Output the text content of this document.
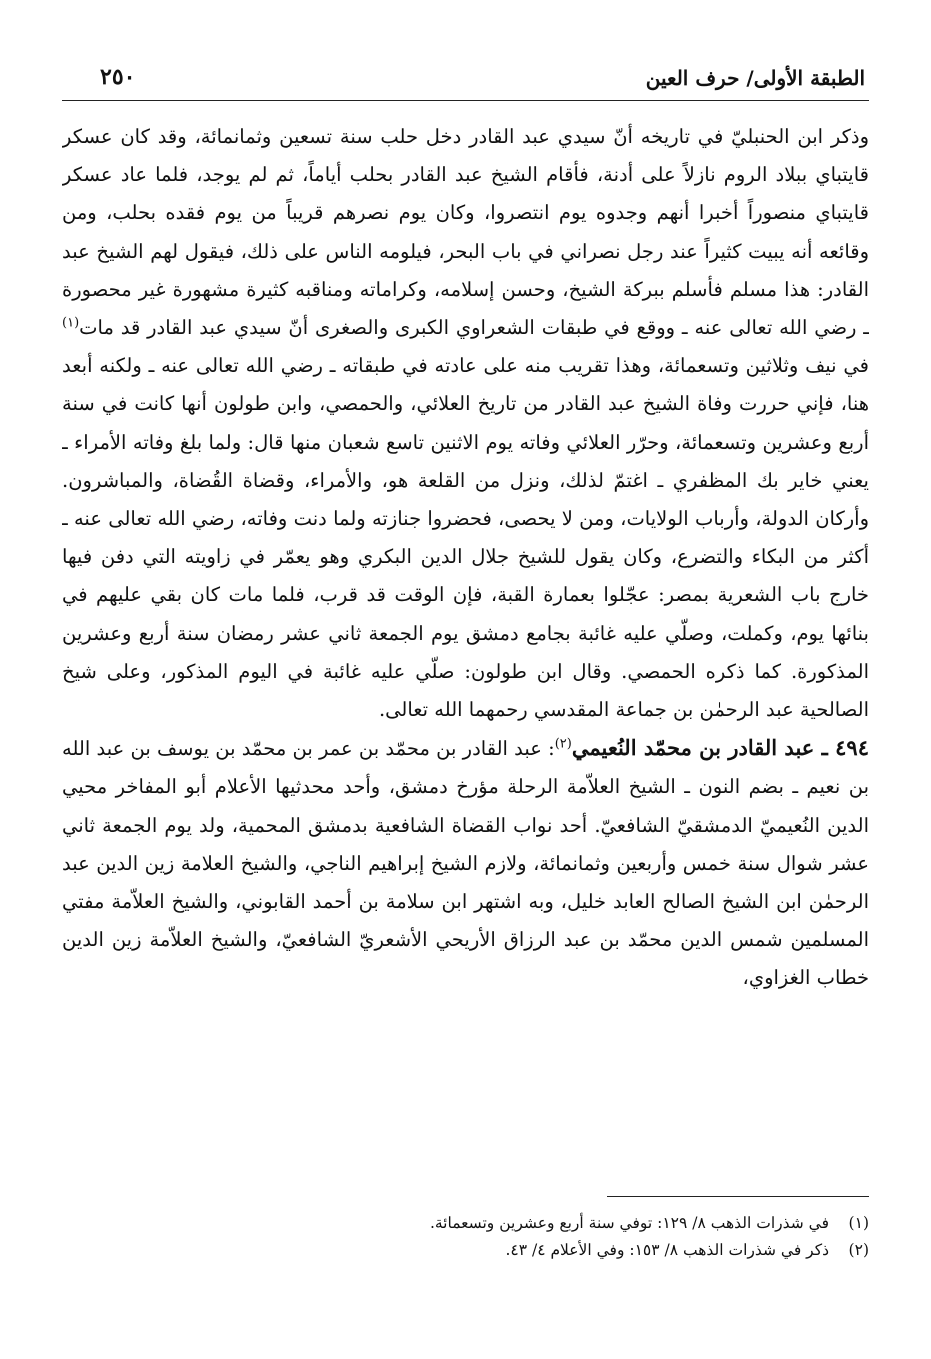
٢٥٠	الطبقة الأولى/ حرف العين

وذكر ابن الحنبليّ في تاريخه أنّ سيدي عبد القادر دخل حلب سنة تسعين وثمانمائة، وقد كان عسكر قايتباي ببلاد الروم نازلاً على أدنة، فأقام الشيخ عبد القادر بحلب أياماً، ثم لم يوجد، فلما عاد عسكر قايتباي منصوراً أخبرا أنهم وجدوه يوم انتصروا، وكان يوم نصرهم قريباً من يوم فقده بحلب، ومن وقائعه أنه يبيت كثيراً عند رجل نصراني في باب البحر، فيلومه الناس على ذلك، فيقول لهم الشيخ عبد القادر: هذا مسلم فأسلم ببركة الشيخ، وحسن إسلامه، وكراماته ومناقبه كثيرة مشهورة غير محصورة ـ رضي الله تعالى عنه ـ ووقع في طبقات الشعراوي الكبرى والصغرى أنّ سيدي عبد القادر قد مات$^{(١)}$ في نيف وثلاثين وتسعمائة، وهذا تقريب منه على عادته في طبقاته ـ رضي الله تعالى عنه ـ ولكنه أبعد هنا، فإني حررت وفاة الشيخ عبد القادر من تاريخ العلائي، والحمصي، وابن طولون أنها كانت في سنة أربع وعشرين وتسعمائة، وحرّر العلائي وفاته يوم الاثنين تاسع شعبان منها قال: ولما بلغ وفاته الأمراء ـ يعني خاير بك المظفري ـ اغتمّ لذلك، ونزل من القلعة هو، والأمراء، وقضاة القُضاة، والمباشرون. وأركان الدولة، وأرباب الولايات، ومن لا يحصى، فحضروا جنازته ولما دنت وفاته، رضي الله تعالى عنه ـ أكثر من البكاء والتضرع، وكان يقول للشيخ جلال الدين البكري وهو يعمّر في زاويته التي دفن فيها خارج باب الشعرية بمصر: عجّلوا بعمارة القبة، فإن الوقت قد قرب، فلما مات كان بقي عليهم في بنائها يوم، وكملت، وصلّي عليه غائبة بجامع دمشق يوم الجمعة ثاني عشر رمضان سنة أربع وعشرين المذكورة. كما ذكره الحمصي. وقال ابن طولون: صلّي عليه غائبة في اليوم المذكور، وعلى شيخ الصالحية عبد الرحمٰن بن جماعة المقدسي رحمهما الله تعالى.

٤٩٤ ـ عبد القادر بن محمّد النُعيمي$^{(٢)}$: عبد القادر بن محمّد بن عمر بن محمّد بن يوسف بن عبد الله بن نعيم ـ بضم النون ـ الشيخ العلاّمة الرحلة مؤرخ دمشق، وأحد محدثيها الأعلام أبو المفاخر محيي الدين النُعيميّ الدمشقيّ الشافعيّ. أحد نواب القضاة الشافعية بدمشق المحمية، ولد يوم الجمعة ثاني عشر شوال سنة خمس وأربعين وثمانمائة، ولازم الشيخ إبراهيم الناجي، والشيخ العلامة زين الدين عبد الرحمٰن ابن الشيخ الصالح العابد خليل، وبه اشتهر ابن سلامة بن أحمد القابوني، والشيخ العلاّمة مفتي المسلمين شمس الدين محمّد بن عبد الرزاق الأريحي الأشعريّ الشافعيّ، والشيخ العلاّمة زين الدين خطاب الغزاوي،

(١)
في شذرات الذهب ٨/ ١٢٩: توفي سنة أربع وعشرين وتسعمائة.
(٢)
ذكر في شذرات الذهب ٨/ ١٥٣: وفي الأعلام ٤/ ٤٣.
